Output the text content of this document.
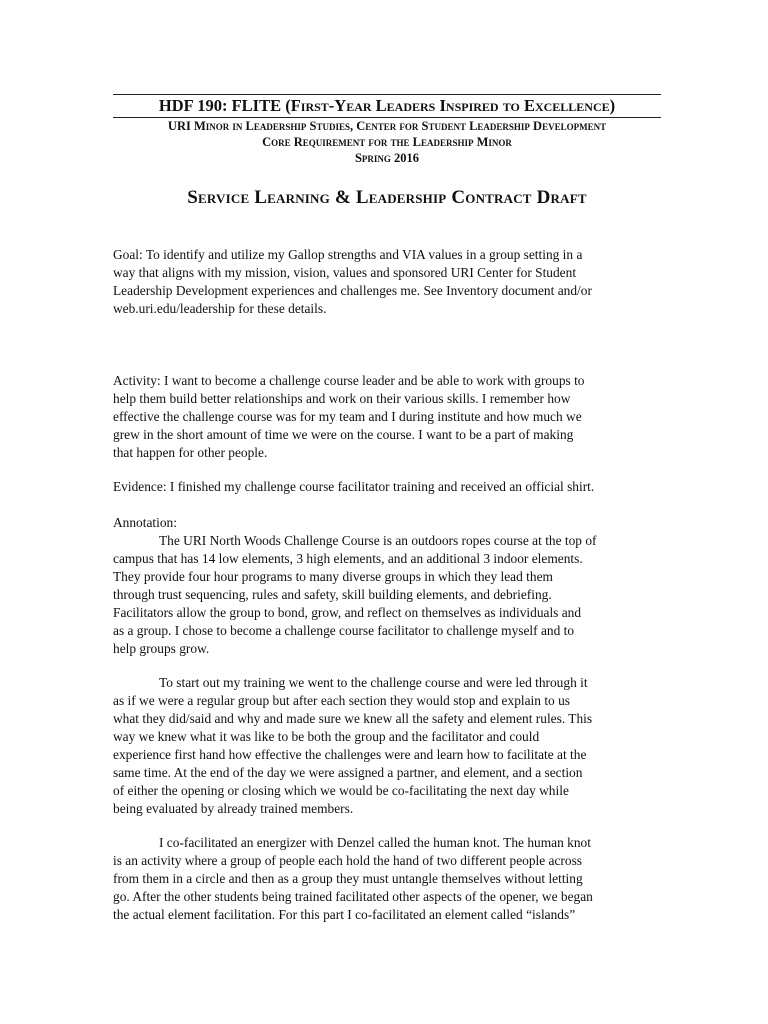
HDF 190: FLITE (First-Year Leaders Inspired to Excellence)
URI Minor in Leadership Studies, Center for Student Leadership Development
Core Requirement for the Leadership Minor
Spring 2016
Service Learning & Leadership Contract Draft
Goal: To identify and utilize my Gallop strengths and VIA values in a group setting in a
way that aligns with my mission, vision, values and sponsored URI Center for Student
Leadership Development experiences and challenges me. See Inventory document and/or
web.uri.edu/leadership for these details.
Activity: I want to become a challenge course leader and be able to work with groups to
help them build better relationships and work on their various skills. I remember how
effective the challenge course was for my team and I during institute and how much we
grew in the short amount of time we were on the course. I want to be a part of making
that happen for other people.
Evidence: I finished my challenge course facilitator training and received an official shirt.
Annotation:
The URI North Woods Challenge Course is an outdoors ropes course at the top of
campus that has 14 low elements, 3 high elements, and an additional 3 indoor elements.
They provide four hour programs to many diverse groups in which they lead them
through trust sequencing, rules and safety, skill building elements, and debriefing.
Facilitators allow the group to bond, grow, and reflect on themselves as individuals and
as a group. I chose to become a challenge course facilitator to challenge myself and to
help groups grow.
To start out my training we went to the challenge course and were led through it
as if we were a regular group but after each section they would stop and explain to us
what they did/said and why and made sure we knew all the safety and element rules. This
way we knew what it was like to be both the group and the facilitator and could
experience first hand how effective the challenges were and learn how to facilitate at the
same time. At the end of the day we were assigned a partner, and element, and a section
of either the opening or closing which we would be co-facilitating the next day while
being evaluated by already trained members.
I co-facilitated an energizer with Denzel called the human knot. The human knot
is an activity where a group of people each hold the hand of two different people across
from them in a circle and then as a group they must untangle themselves without letting
go. After the other students being trained facilitated other aspects of the opener, we began
the actual element facilitation. For this part I co-facilitated an element called “islands”
